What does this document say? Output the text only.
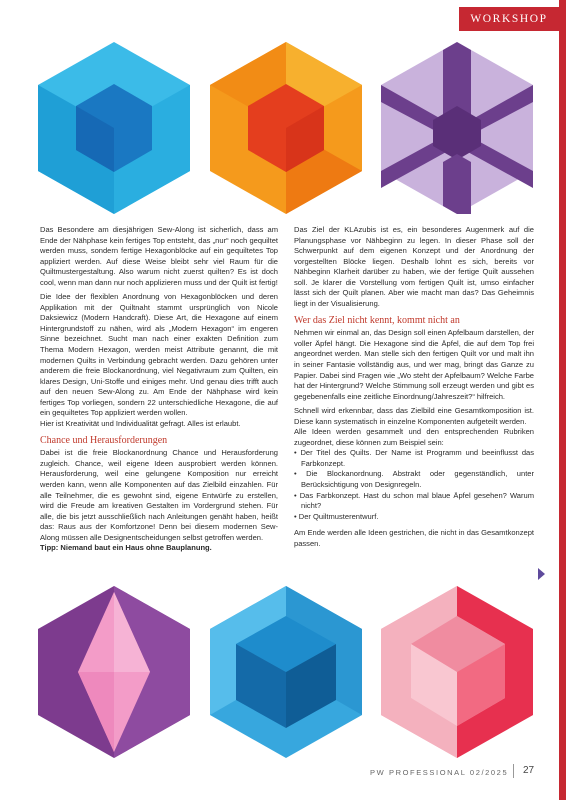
WORKSHOP

Das Besondere am diesjährigen Sew-Along ist sicherlich, dass am Ende der Nähphase kein fertiges Top entsteht, das „nur“ noch gequiltet werden muss, sondern fertige Hexagonblöcke auf ein gequiltetes Top appliziert werden. Auf diese Weise bleibt sehr viel Raum für die Quiltmustergestaltung. Also warum nicht zuerst quilten? Es ist doch cool, wenn man dann nur noch applizieren muss und der Quilt ist fertig!

Die Idee der flexiblen Anordnung von Hexagonblöcken und deren Applikation mit der Quiltnaht stammt ursprünglich von Nicole Daksiewicz (Modern Handcraft). Diese Art, die Hexagone auf einem Hintergrundstoff zu nähen, wird als „Modern Hexagon“ im engeren Sinne bezeichnet. Sucht man nach einer exakten Definition zum Thema Modern Hexagon, werden meist Attribute genannt, die mit modernen Quilts in Verbindung gebracht werden. Dazu gehören unter anderem die freie Blockanordnung, viel Negativraum zum Quilten, ein klares Design, Uni-Stoffe und einiges mehr. Und genau dies trifft auch auf den neuen Sew-Along zu. Am Ende der Nähphase wird kein fertiges Top vorliegen, sondern 22 unterschiedliche Hexagone, die auf ein gequiltetes Top appliziert werden wollen.

Hier ist Kreativität und Individualität gefragt. Alles ist erlaubt.

Chance und Herausforderungen

Dabei ist die freie Blockanordnung Chance und Herausforderung zugleich. Chance, weil eigene Ideen ausprobiert werden können. Herausforderung, weil eine gelungene Komposition nur erreicht werden kann, wenn alle Komponenten auf das Zielbild einzahlen. Für alle Teilnehmer, die es gewohnt sind, eigene Entwürfe zu erstellen, wird die Freude am kreativen Gestalten im Vordergrund stehen. Für alle, die bis jetzt ausschließlich nach Anleitungen genäht haben, heißt das: Raus aus der Komfortzone! Denn bei diesem modernen Sew-Along müssen alle Designentscheidungen selbst getroffen werden.

Tipp: Niemand baut ein Haus ohne Bauplanung.

Das Ziel der KLAzubis ist es, ein besonderes Augenmerk auf die Planungsphase vor Nähbeginn zu legen. In dieser Phase soll der Schwerpunkt auf dem eigenen Konzept und der Anordnung der vorgestellten Blöcke liegen. Deshalb lohnt es sich, bereits vor Nähbeginn Klarheit darüber zu haben, wie der fertige Quilt aussehen soll. Je klarer die Vorstellung vom fertigen Quilt ist, umso einfacher lässt sich der Quilt planen. Aber wie macht man das? Das Geheimnis liegt in der Visualisierung.

Wer das Ziel nicht kennt, kommt nicht an

Nehmen wir einmal an, das Design soll einen Apfelbaum darstellen, der voller Äpfel hängt. Die Hexagone sind die Äpfel, die auf dem Top frei angeordnet werden. Man stelle sich den fertigen Quilt vor und malt ihn in seiner Fantasie vollständig aus, und wer mag, bringt das Ganze zu Papier. Dabei sind Fragen wie „Wo steht der Apfelbaum? Welche Farbe hat der Hintergrund? Welche Stimmung soll erzeugt werden und gibt es gegebenenfalls eine zeitliche Einordnung/Jahreszeit?“ hilfreich.

Schnell wird erkennbar, dass das Zielbild eine Gesamtkomposition ist. Diese kann systematisch in einzelne Komponenten aufgeteilt werden.

Alle Ideen werden gesammelt und den entsprechenden Rubriken zugeordnet, diese können zum Beispiel sein:

• Der Titel des Quilts. Der Name ist Programm und beeinflusst das Farbkonzept.
• Die Blockanordnung. Abstrakt oder gegenständlich, unter Berücksichtigung von Designregeln.
• Das Farbkonzept. Hast du schon mal blaue Äpfel gesehen? Warum nicht?
• Der Quiltmusterentwurf.

Am Ende werden alle Ideen gestrichen, die nicht in das Gesamtkonzept passen.

PW PROFESSIONAL 02/2025 27
